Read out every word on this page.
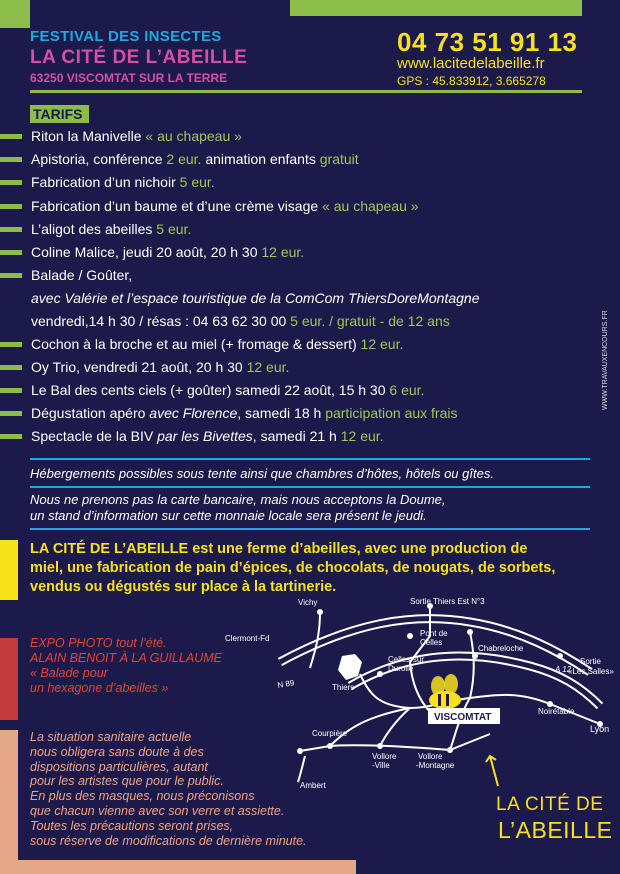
FESTIVAL DES INSECTES
LA CITÉ DE L’ABEILLE
63250 VISCOMTAT SUR LA TERRE
04 73 51 91 13
www.lacitedelabeille.fr
GPS : 45.833912, 3.665278
TARIFS
Riton la Manivelle « au chapeau »
Apistoria, conférence 2 eur. animation enfants gratuit
Fabrication d’un nichoir 5 eur.
Fabrication d’un baume et d’une crème visage « au chapeau »
L’aligot des abeilles 5 eur.
Coline Malice, jeudi 20 août, 20 h 30 12 eur.
Balade / Goûter,
avec Valérie et l’espace touristique de la ComCom ThiersDoreMontagne
vendredi,14 h 30 / résas : 04 63 62 30 00 5 eur. / gratuit - de 12 ans
Cochon à la broche et au miel (+ fromage & dessert) 12 eur.
Oy Trio, vendredi 21 août, 20 h 30 12 eur.
Le Bal des cents ciels (+ goûter) samedi 22 août, 15 h 30 6 eur.
Dégustation apéro avec Florence, samedi 18 h participation aux frais
Spectacle de la BIV par les Bivettes, samedi 21 h 12 eur.
WWW.TRAVAUXENCOURS.FR
Hébergements possibles sous tente ainsi que chambres d’hôtes, hôtels ou gîtes.
Nous ne prenons pas la carte bancaire, mais nous acceptons la Doume,
un stand d’information sur cette monnaie locale sera présent le jeudi.
LA CITÉ DE L’ABEILLE est une ferme d’abeilles, avec une production de
miel, une fabrication de pain d’épices, de chocolats, de nougats, de sorbets,
vendus ou dégustés sur place à la tartinerie.
EXPO PHOTO tout l’été.
ALAIN BENOIT À LA GUILLAUME
« Balade pour
un hexagone d’abeilles »
La situation sanitaire actuelle
nous obligera sans doute à des
dispositions particulières, autant
pour les artistes que pour le public.
En plus des masques, nous préconisons
que chacun vienne avec son verre et assiette.
Toutes les précautions seront prises,
sous réserve de modifications de dernière minute.
Vichy	Sortie Thiers Est N°3
Clermont-Fd
Pont de
Celles
Chabreloche
A 12
Sortie
«Les Salles»
N 89
Celles-sur
Durolle
Thiers
VISCOMTAT
Noirétable
Lyon
Courpière
Vollore
-Ville
Vollore
-Montagne
Ambert
LA CITÉ DE
L’ABEILLE
